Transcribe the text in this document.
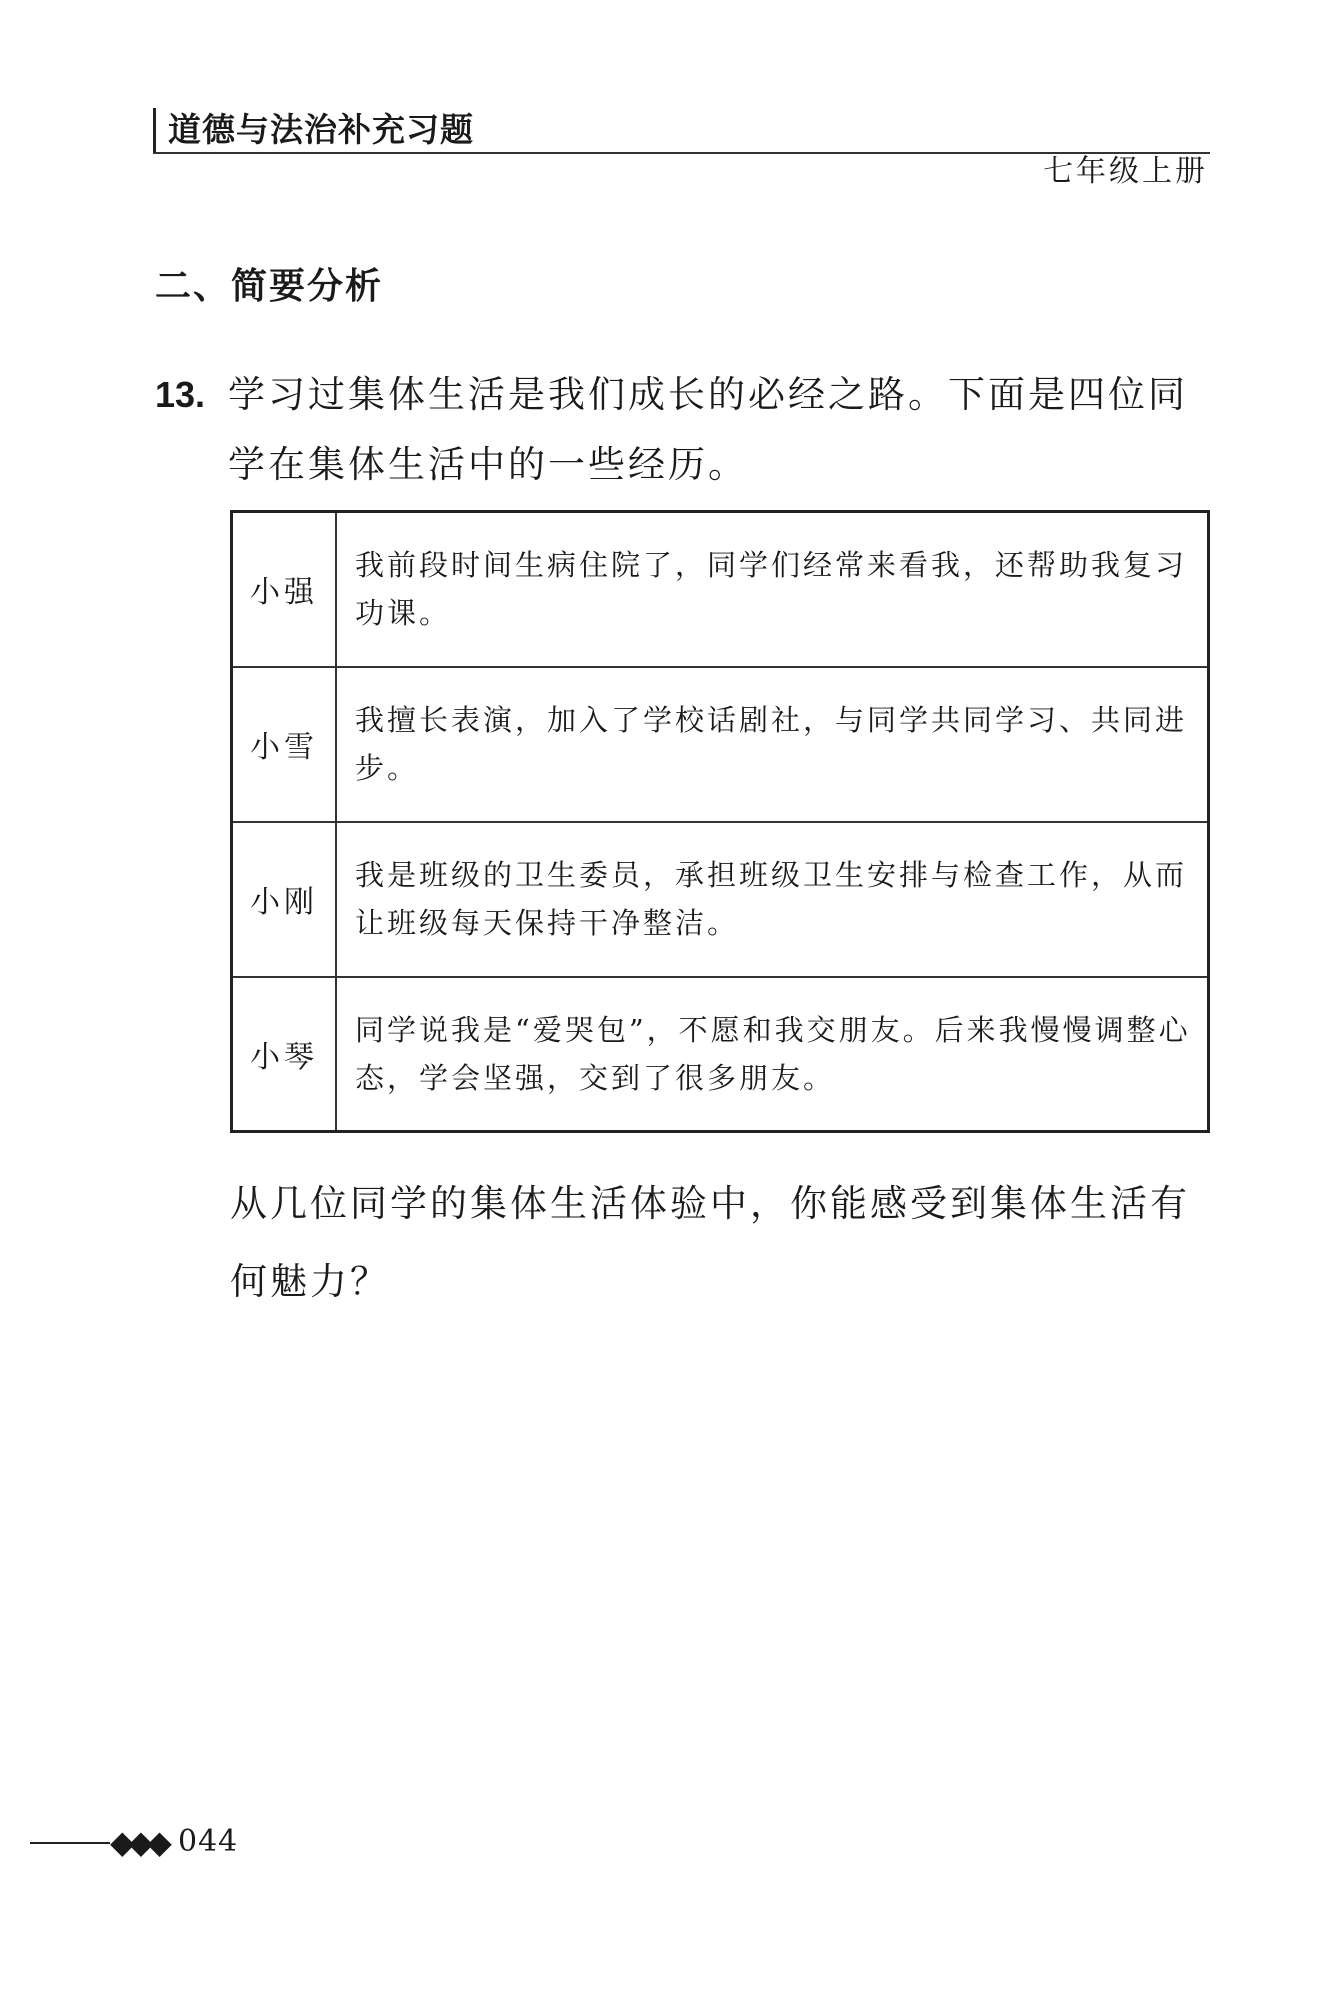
道德与法治补充习题
七年级上册
二、简要分析
13. 学习过集体生活是我们成长的必经之路。下面是四位同学在集体生活中的一些经历。
小强	我前段时间生病住院了，同学们经常来看我，还帮助我复习功课。
小雪	我擅长表演，加入了学校话剧社，与同学共同学习、共同进步。
小刚	我是班级的卫生委员，承担班级卫生安排与检查工作，从而让班级每天保持干净整洁。
小琴	同学说我是“爱哭包”，不愿和我交朋友。后来我慢慢调整心态，学会坚强，交到了很多朋友。
从几位同学的集体生活体验中，你能感受到集体生活有何魅力？
◆◆◆ 044
